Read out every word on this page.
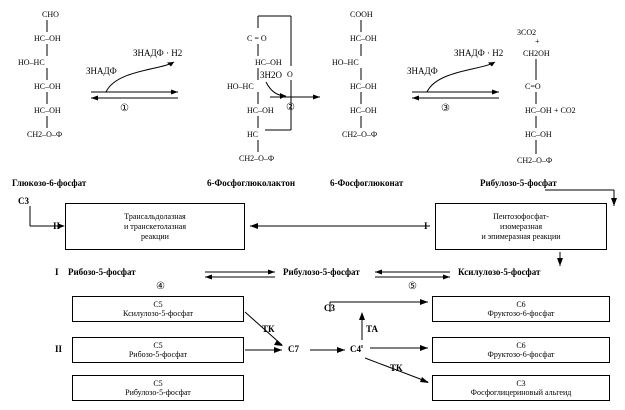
CHO
HC–OH
HO–HC
HC–OH
HC–OH
CH2–O–Ф
Глюкозо-6-фосфат
ЗНАДФ
ЗНАДФ · H2
①
C = O
HC–OH
HO–HC
HC–OH
HC
CH2–O–Ф
O
6-Фосфоглюколактон
3H2O
②
COOH
HC–OH
HO–HC
HC–OH
HC–OH
CH2–O–Ф
6-Фосфоглюконат
ЗНАДФ
ЗНАДФ · H2
③
3CO2
+
CH2OH
C=O
HC–OH + CO2
HC–OH
CH2–O–Ф
Рибулозо-5-фосфат
C3
Трансальдолазная
и транскетолазная
реакции
II
Пентозофосфат-
изомеразная
и эпимеразная реакции
I
I Рибозо-5-фосфат	Рибулозо-5-фосфат	Ксилулозо-5-фосфат
④	⑤
II
C5
Ксилулозо-5-фосфат
C5
Рибозо-5-фосфат
C5
Рибулозо-5-фосфат
C6
Фруктозо-6-фосфат
C6
Фруктозо-6-фосфат
C3
Фосфоглицериновый альгеид
ТК	ТА
ТК
C3
C7	C4
